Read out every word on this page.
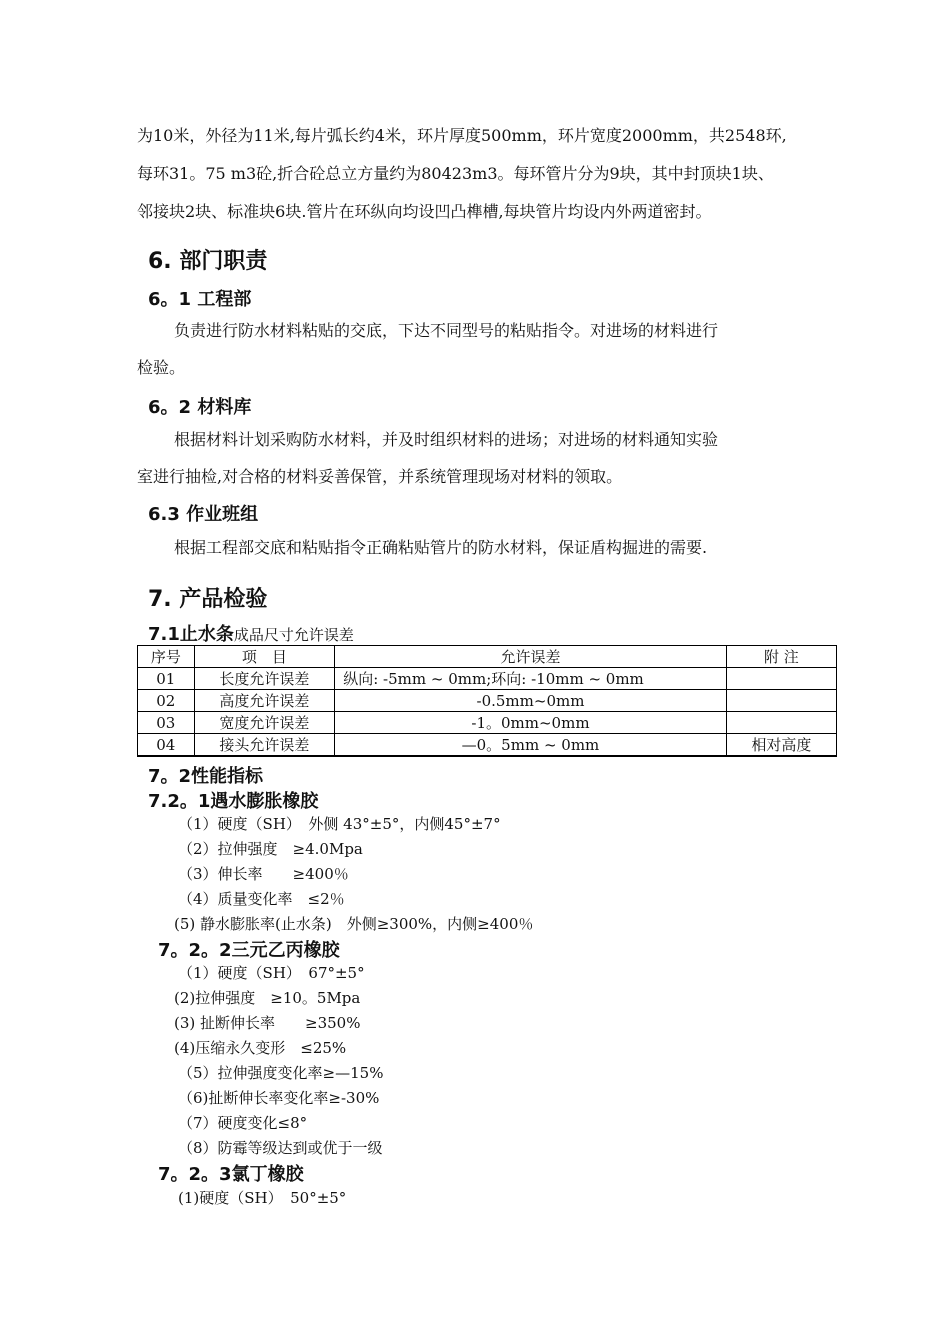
为10米，外径为11米,每片弧长约4米，环片厚度500mm，环片宽度2000mm，共2548环,
每环31。75 m3砼,折合砼总立方量约为80423m3。每环管片分为9块，其中封顶块1块、
邻接块2块、标准块6块.管片在环纵向均设凹凸榫槽,每块管片均设内外两道密封。
6. 部门职责
6。1 工程部
负责进行防水材料粘贴的交底，下达不同型号的粘贴指令。对进场的材料进行
检验。
6。2 材料库
根据材料计划采购防水材料，并及时组织材料的进场；对进场的材料通知实验
室进行抽检,对合格的材料妥善保管，并系统管理现场对材料的领取。
6.3 作业班组
根据工程部交底和粘贴指令正确粘贴管片的防水材料，保证盾构掘进的需要.
7. 产品检验
7.1止水条成品尺寸允许误差
序号	项　目	允许误差	附 注
01	长度允许误差	纵向: -5mm ~ 0mm;环向: -10mm ~ 0mm	
02	高度允许误差	-0.5mm~0mm	
03	宽度允许误差	-1。0mm~0mm	
04	接头允许误差	—0。5mm ~ 0mm	相对高度
7。2性能指标
7.2。1遇水膨胀橡胶
（1）硬度（SH）　外侧 43°±5°，内侧45°±7°
（2）拉伸强度　≥4.0Mpa
（3）伸长率　　≥400％
（4）质量变化率　≤2％
(5) 静水膨胀率(止水条)　外侧≥300%，内侧≥400％
7。2。2三元乙丙橡胶
（1）硬度（SH）　67°±5°
(2)拉伸强度　≥10。5Mpa
(3) 扯断伸长率　　≥350%
(4)压缩永久变形　≤25%
（5）拉伸强度变化率≥—15%
（6)扯断伸长率变化率≥-30%
（7）硬度变化≤8°
（8）防霉等级达到或优于一级
7。2。3氯丁橡胶
(1)硬度（SH）　50°±5°
